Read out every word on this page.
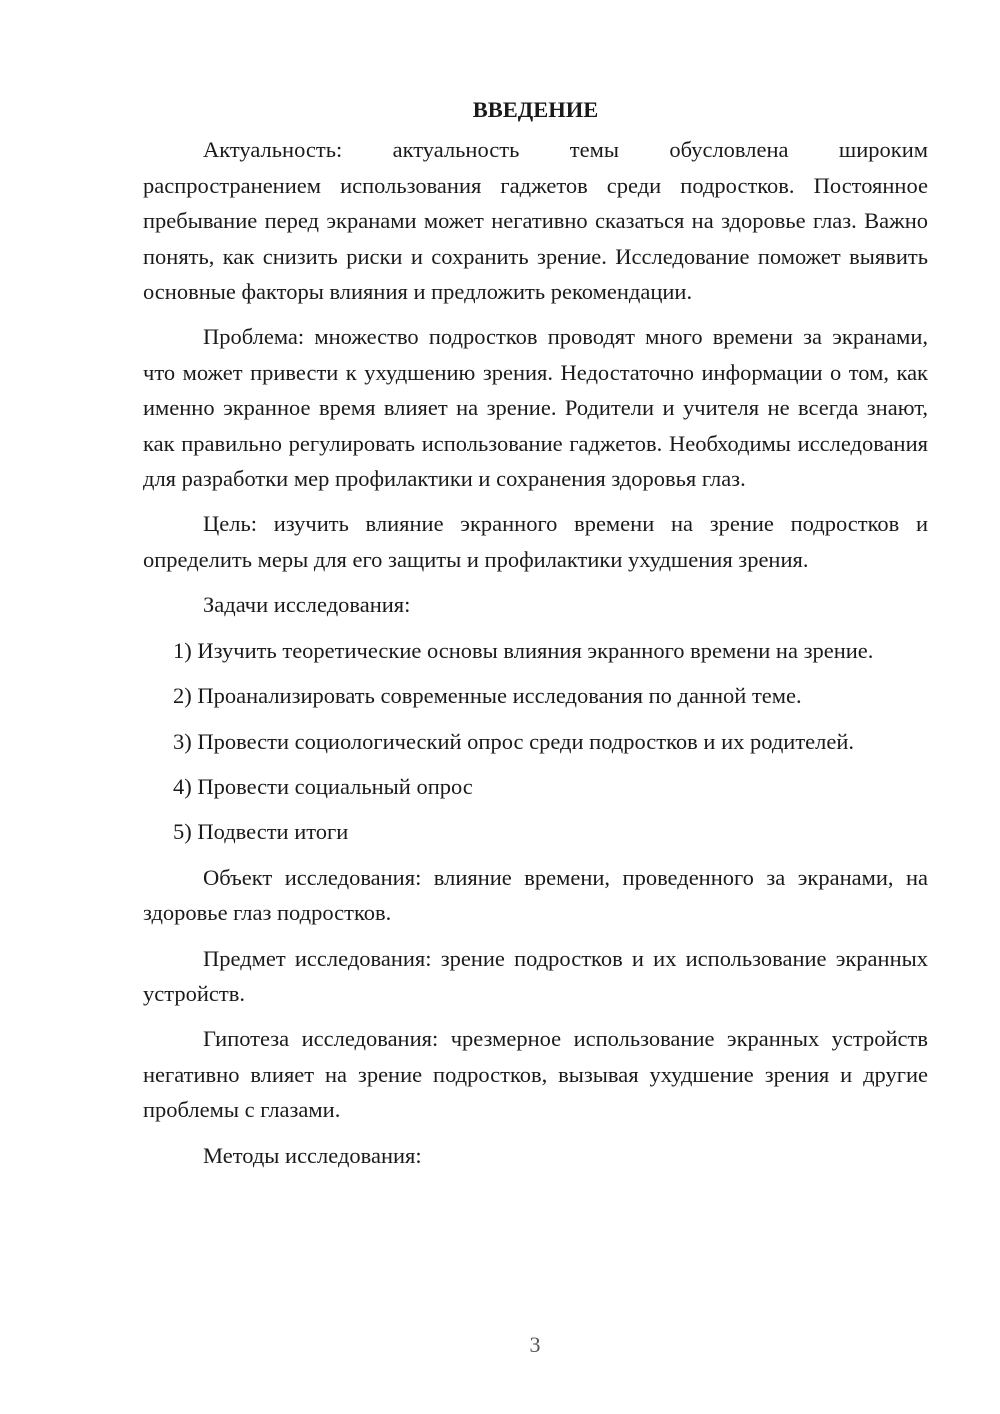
ВВЕДЕНИЕ

Актуальность: актуальность темы обусловлена широким распространением использования гаджетов среди подростков. Постоянное пребывание перед экранами может негативно сказаться на здоровье глаз. Важно понять, как снизить риски и сохранить зрение. Исследование поможет выявить основные факторы влияния и предложить рекомендации.

Проблема: множество подростков проводят много времени за экранами, что может привести к ухудшению зрения. Недостаточно информации о том, как именно экранное время влияет на зрение. Родители и учителя не всегда знают, как правильно регулировать использование гаджетов. Необходимы исследования для разработки мер профилактики и сохранения здоровья глаз.

Цель: изучить влияние экранного времени на зрение подростков и определить меры для его защиты и профилактики ухудшения зрения.

Задачи исследования:

1) Изучить теоретические основы влияния экранного времени на зрение.

2) Проанализировать современные исследования по данной теме.

3) Провести социологический опрос среди подростков и их родителей.

4) Провести социальный опрос

5) Подвести итоги

Объект исследования: влияние времени, проведенного за экранами, на здоровье глаз подростков.

Предмет исследования: зрение подростков и их использование экранных устройств.

Гипотеза исследования: чрезмерное использование экранных устройств негативно влияет на зрение подростков, вызывая ухудшение зрения и другие проблемы с глазами.

Методы исследования:

3
